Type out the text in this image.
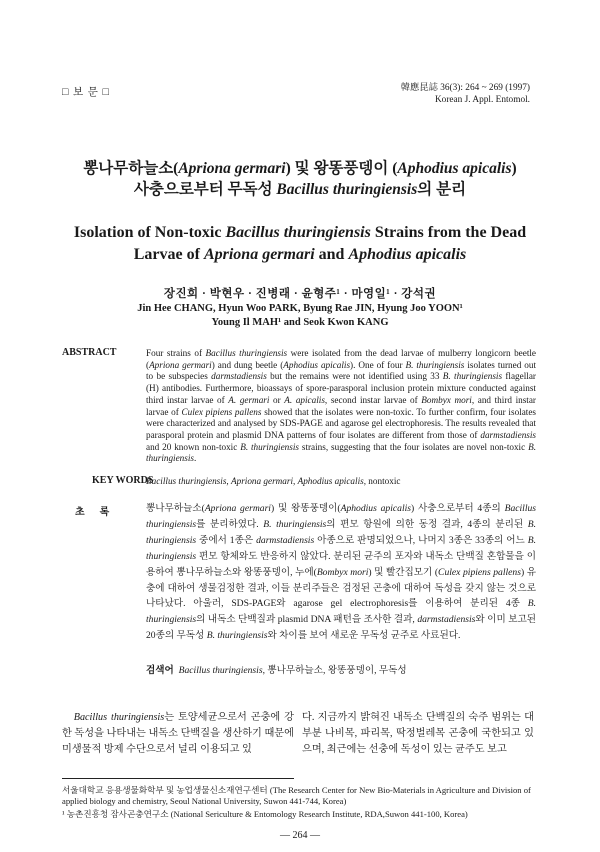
□ 보 문 □	韓應昆誌 36(3): 264 ~ 269 (1997)
Korean J. Appl. Entomol.
뽕나무하늘소(Apriona germari) 및 왕똥풍뎅이 (Aphodius apicalis)
사충으로부터 무독성 Bacillus thuringiensis의 분리
Isolation of Non-toxic Bacillus thuringiensis Strains from the Dead
Larvae of Apriona germari and Aphodius apicalis
장진희 · 박현우 · 진병래 · 윤형주¹ · 마영일¹ · 강석권
Jin Hee CHANG, Hyun Woo PARK, Byung Rae JIN, Hyung Joo YOON¹
Young Il MAH¹ and Seok Kwon KANG
ABSTRACT	Four strains of Bacillus thuringiensis were isolated from the dead larvae of mulberry longicorn beetle (Apriona germari) and dung beetle (Aphodius apicalis). One of four B. thuringiensis isolates turned out to be subspecies darmstadiensis but the remains were not identified using 33 B. thuringiensis flagellar (H) antibodies. Furthermore, bioassays of spore-parasporal inclusion protein mixture conducted against third instar larvae of A. germari or A. apicalis, second instar larvae of Bombyx mori, and third instar larvae of Culex pipiens pallens showed that the isolates were non-toxic. To further confirm, four isolates were characterized and analysed by SDS-PAGE and agarose gel electrophoresis. The results revealed that parasporal protein and plasmid DNA patterns of four isolates are different from those of darmstadiensis and 20 known non-toxic B. thuringiensis strains, suggesting that the four isolates are novel non-toxic B. thuringiensis.
KEY WORDS
Bacillus thuringiensis, Apriona germari, Aphodius apicalis, nontoxic
초      록	뽕나무하늘소(Apriona germari) 및 왕똥풍뎅이(Aphodius apicalis) 사충으로부터 4종의 Bacillus thuringiensis를 분리하였다. B. thuringiensis의 편모 항원에 의한 동정 결과, 4종의 분리된 B. thuringiensis 중에서 1종은 darmstadiensis 아종으로 판명되었으나, 나머지 3종은 33종의 어느 B. thuringiensis 편모 항체와도 반응하지 않았다. 분리된 균주의 포자와 내독소 단백질 혼합물을 이용하여 뽕나무하늘소와 왕똥풍뎅이, 누에(Bombyx mori) 및 빨간집모기 (Culex pipiens pallens) 유충에 대하여 생물검정한 결과, 이들 분리주들은 검정된 곤충에 대하여 독성을 갖지 않는 것으로 나타났다. 아울러, SDS-PAGE와 agarose gel electrophoresis를 이용하여 분리된 4종 B. thuringiensis의 내독소 단백질과 plasmid DNA 패턴을 조사한 결과, darmstadiensis와 이미 보고된 20종의 무독성 B. thuringiensis와 차이를 보여 새로운 무독성 균주로 사료된다.
검색어 Bacillus thuringiensis, 뽕나무하늘소, 왕똥풍뎅이, 무독성
Bacillus thuringiensis는 토양세균으로서 곤충에 강한 독성을 나타내는 내독소 단백질을 생산하기 때문에 미생물적 방제 수단으로서 널리 이용되고 있
다. 지금까지 밝혀진 내독소 단백질의 숙주 범위는 대부분 나비목, 파리목, 딱정벌레목 곤충에 국한되고 있으며, 최근에는 선충에 독성이 있는 균주도 보고
서울대학교 응용생물화학부 및 농업생물신소재연구센터 (The Research Center for New Bio-Materials in Agriculture and Division of applied biology and chemistry, Seoul National University, Suwon 441-744, Korea)
¹ 농촌진흥청 잠사곤충연구소 (National Sericulture & Entomology Research Institute, RDA,Suwon 441-100, Korea)
— 264 —
